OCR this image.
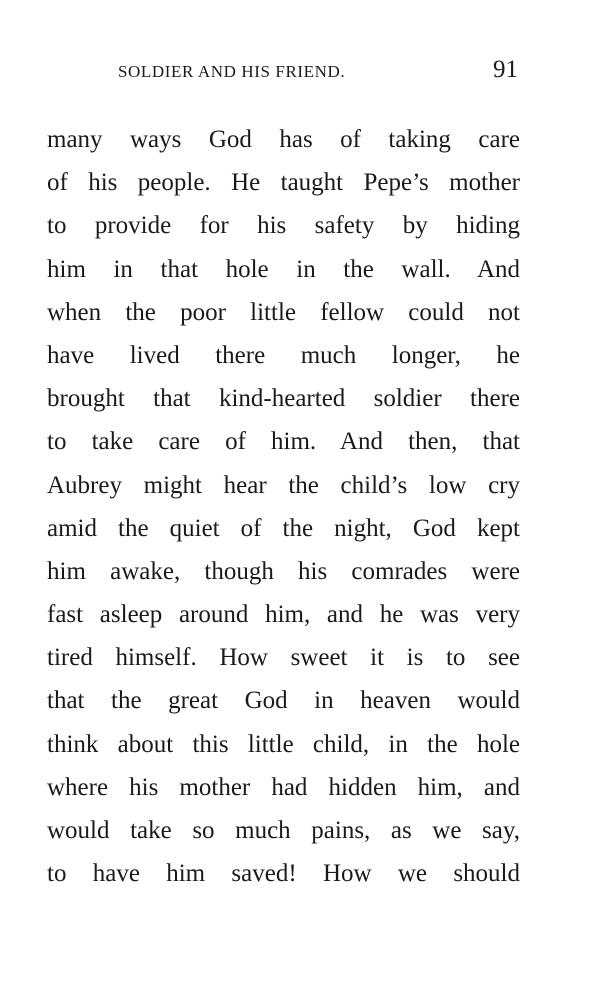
SOLDIER AND HIS FRIEND.	91
many ways God has of taking care
of his people. He taught Pepe’s mother
to provide for his safety by hiding
him in that hole in the wall. And
when the poor little fellow could not
have lived there much longer, he
brought that kind-hearted soldier there
to take care of him. And then, that
Aubrey might hear the child’s low cry
amid the quiet of the night, God kept
him awake, though his comrades were
fast asleep around him, and he was very
tired himself. How sweet it is to see
that the great God in heaven would
think about this little child, in the hole
where his mother had hidden him, and
would take so much pains, as we say,
to have him saved! How we should
